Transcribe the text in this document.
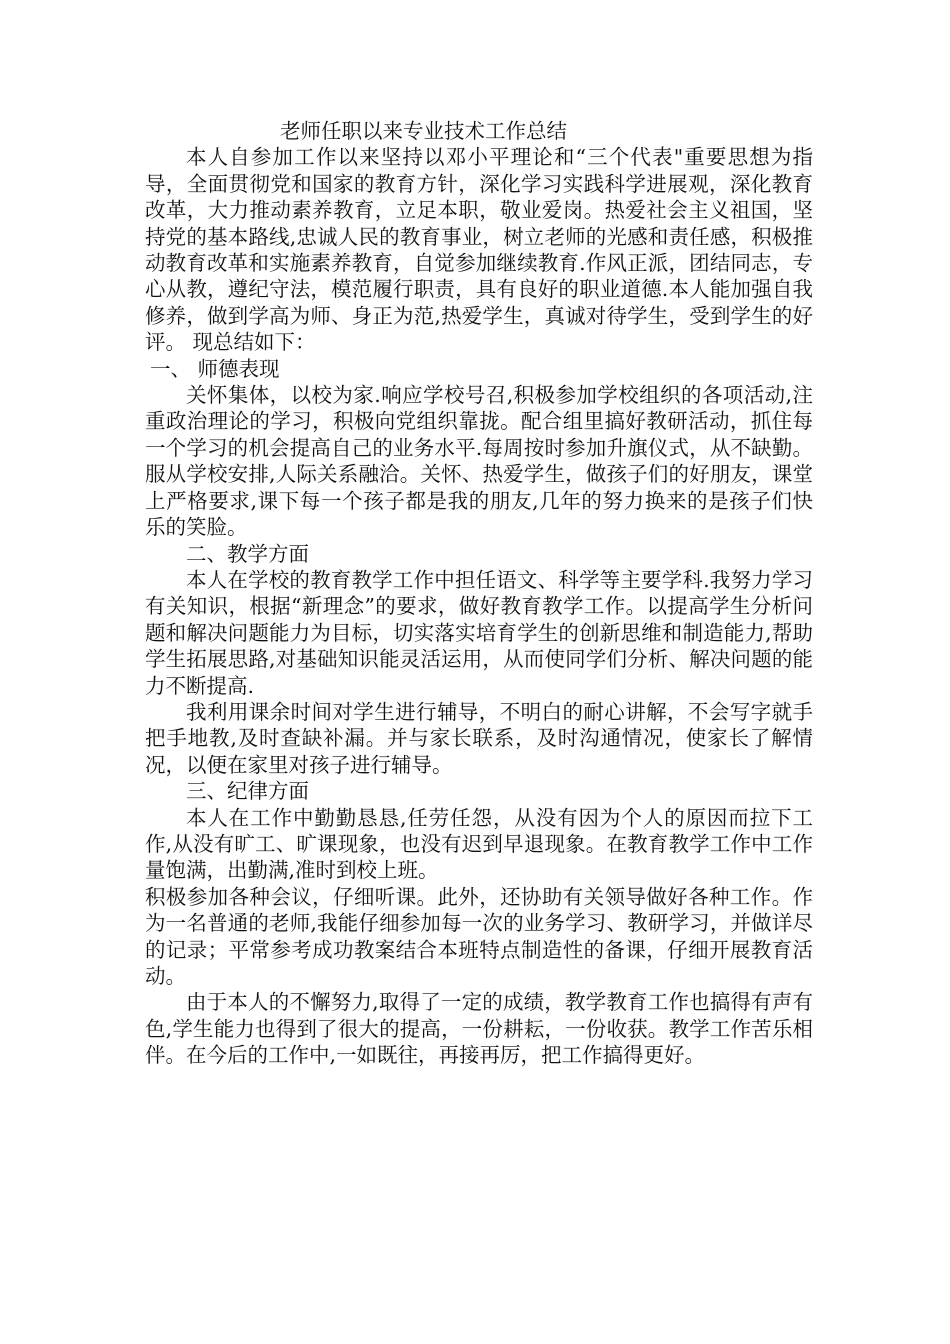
老师任职以来专业技术工作总结

本人自参加工作以来坚持以邓小平理论和“三个代表"重要思想为指导，全面贯彻党和国家的教育方针，深化学习实践科学进展观，深化教育改革，大力推动素养教育，立足本职，敬业爱岗。热爱社会主义祖国，坚持党的基本路线,忠诚人民的教育事业，树立老师的光感和责任感，积极推动教育改革和实施素养教育，自觉参加继续教育.作风正派，团结同志，专心从教，遵纪守法，模范履行职责，具有良好的职业道德.本人能加强自我修养，做到学高为师、身正为范,热爱学生，真诚对待学生，受到学生的好评。 现总结如下：

一、 师德表现

关怀集体，以校为家.响应学校号召,积极参加学校组织的各项活动,注重政治理论的学习，积极向党组织靠拢。配合组里搞好教研活动，抓住每一个学习的机会提高自己的业务水平.每周按时参加升旗仪式，从不缺勤。服从学校安排,人际关系融洽。关怀、热爱学生，做孩子们的好朋友，课堂上严格要求,课下每一个孩子都是我的朋友,几年的努力换来的是孩子们快乐的笑脸。

二、教学方面

本人在学校的教育教学工作中担任语文、科学等主要学科.我努力学习有关知识，根据“新理念”的要求，做好教育教学工作。以提高学生分析问题和解决问题能力为目标，切实落实培育学生的创新思维和制造能力,帮助学生拓展思路,对基础知识能灵活运用，从而使同学们分析、解决问题的能力不断提高.

我利用课余时间对学生进行辅导，不明白的耐心讲解，不会写字就手把手地教,及时查缺补漏。并与家长联系，及时沟通情况，使家长了解情况，以便在家里对孩子进行辅导。

三、纪律方面

本人在工作中勤勤恳恳,任劳任怨，从没有因为个人的原因而拉下工作,从没有旷工、旷课现象，也没有迟到早退现象。在教育教学工作中工作量饱满，出勤满,准时到校上班。

积极参加各种会议，仔细听课。此外，还协助有关领导做好各种工作。作为一名普通的老师,我能仔细参加每一次的业务学习、教研学习，并做详尽的记录；平常参考成功教案结合本班特点制造性的备课，仔细开展教育活动。

由于本人的不懈努力,取得了一定的成绩，教学教育工作也搞得有声有色,学生能力也得到了很大的提高，一份耕耘，一份收获。教学工作苦乐相伴。在今后的工作中,一如既往，再接再厉，把工作搞得更好。
